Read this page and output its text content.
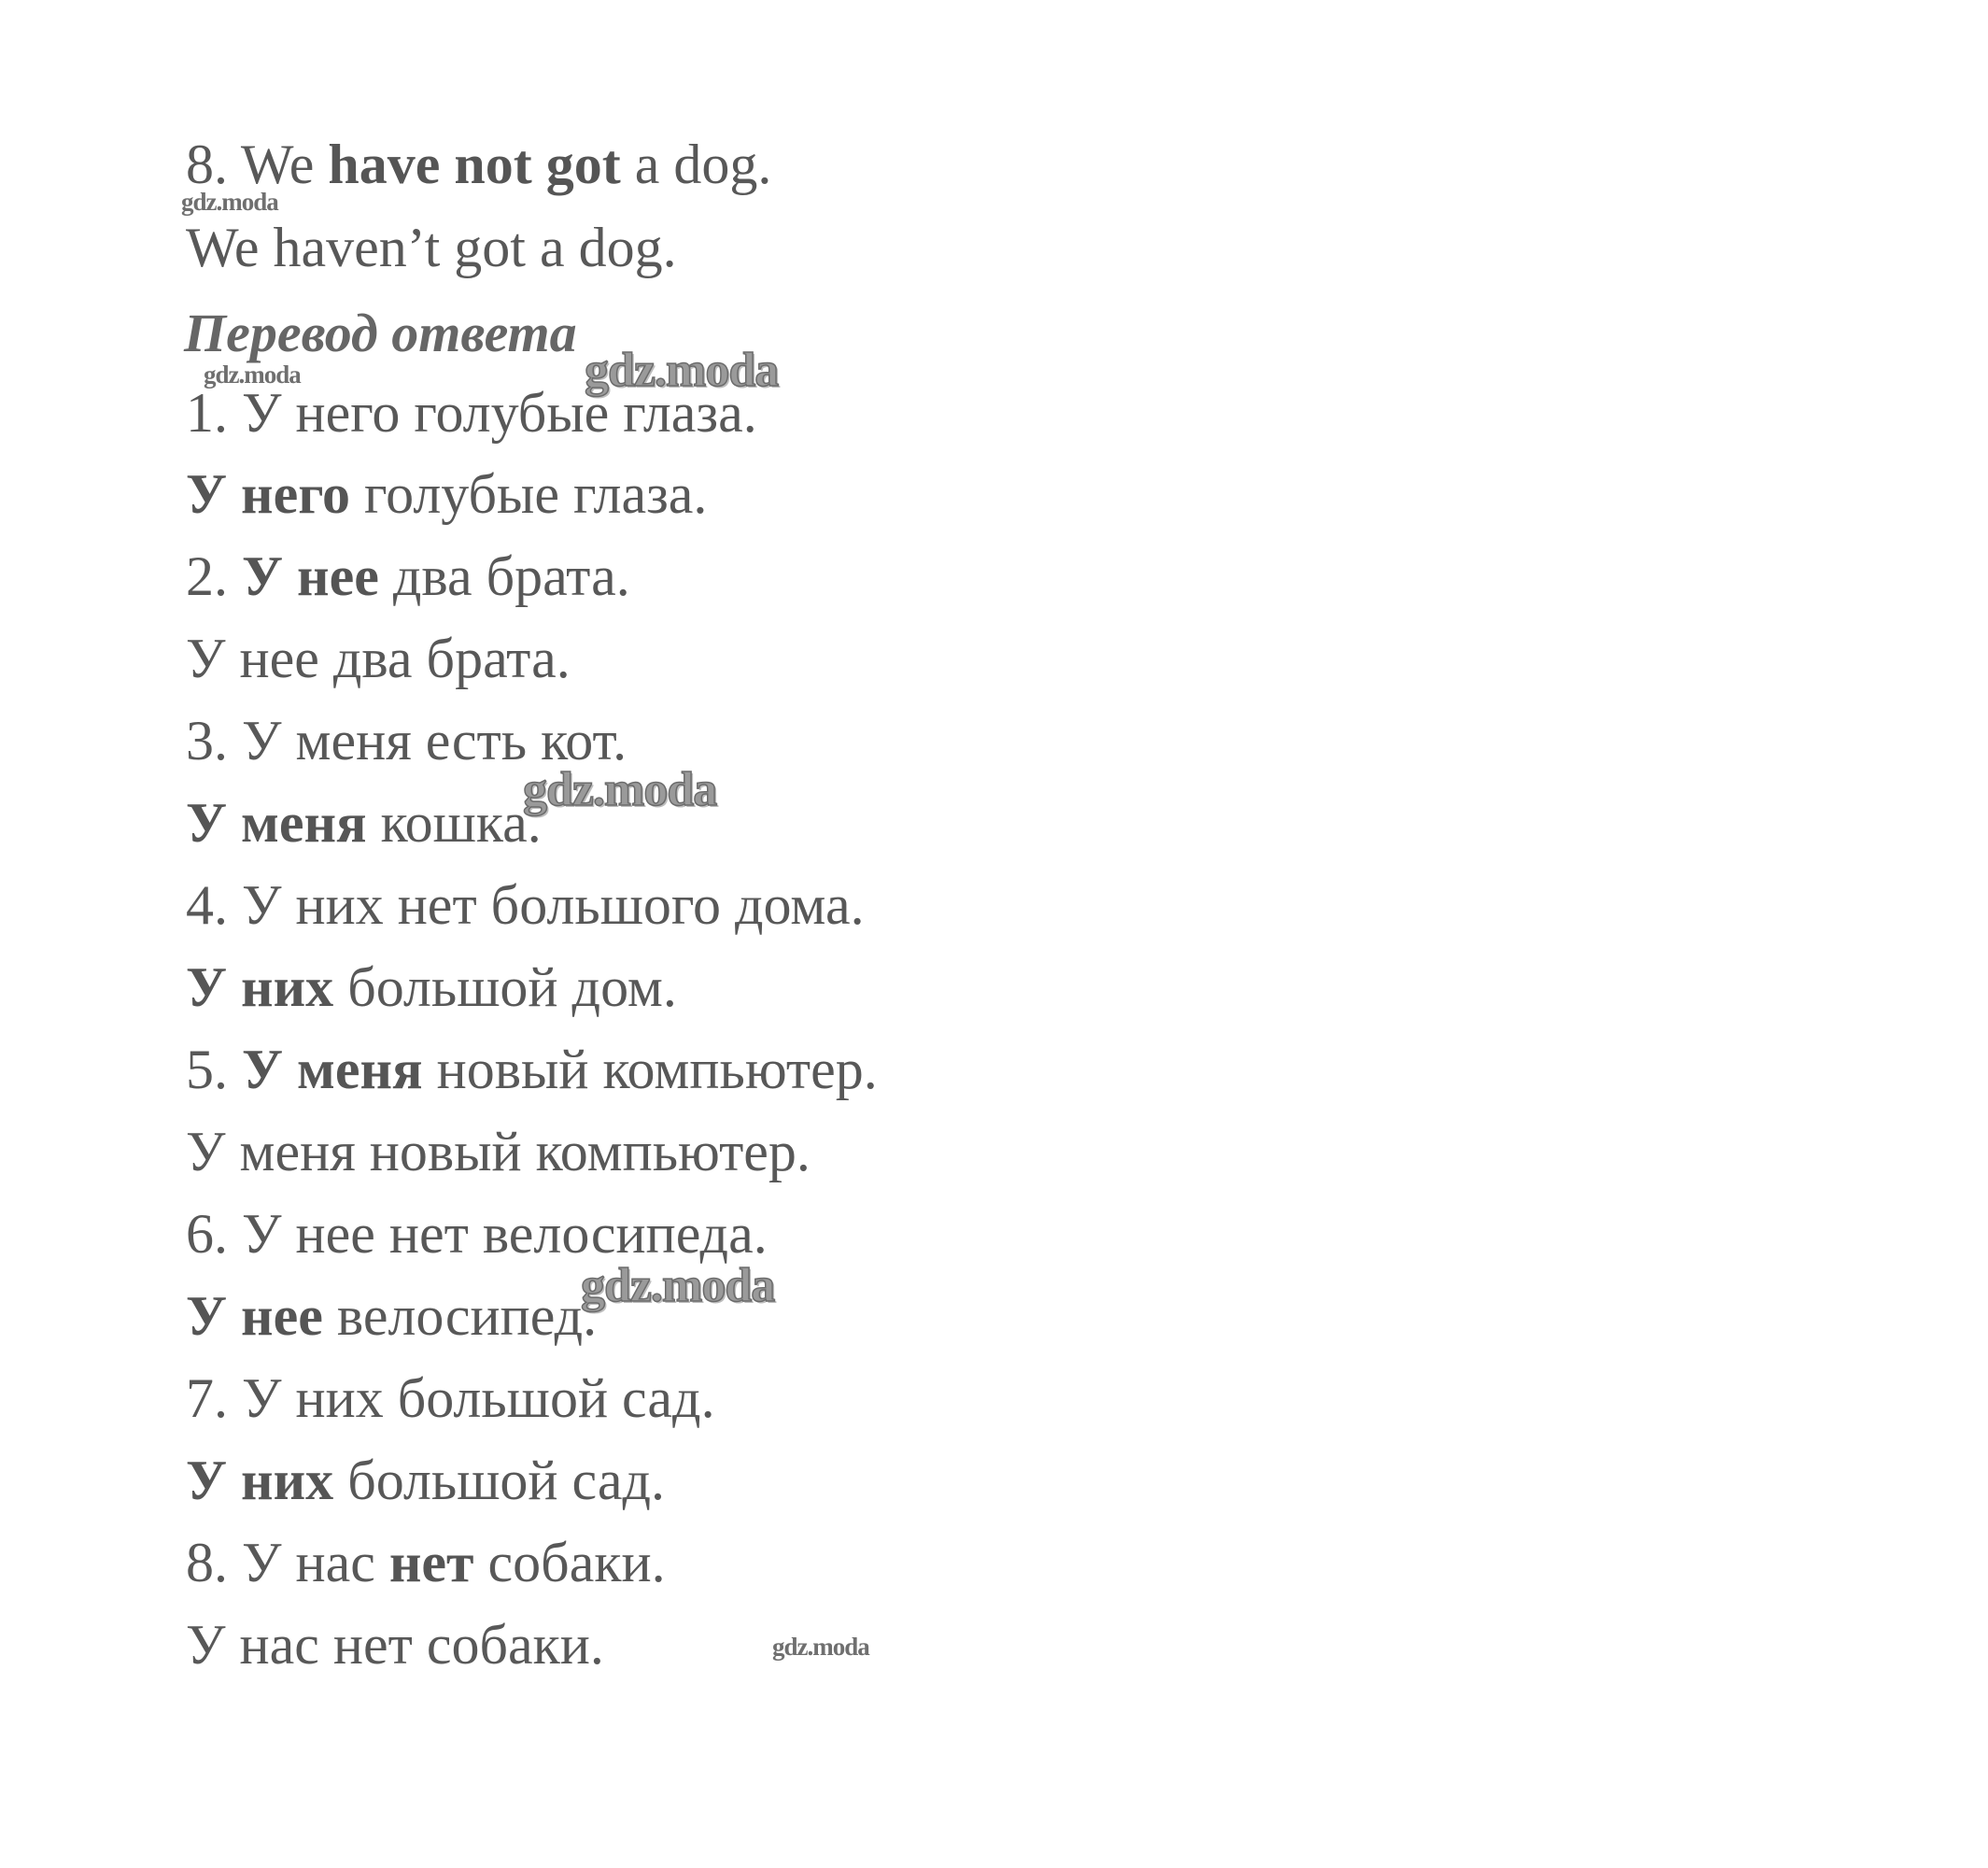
8. We have not got a dog.
We haven’t got a dog.
Перевод ответа
1. У него голубые глаза.
У него голубые глаза.
2. У нее два брата.
У нее два брата.
3. У меня есть кот.
У меня кошка.
4. У них нет большого дома.
У них большой дом.
5. У меня новый компьютер.
У меня новый компьютер.
6. У нее нет велосипеда.
У нее велосипед.
7. У них большой сад.
У них большой сад.
8. У нас нет собаки.
У нас нет собаки.
gdz.moda
gdz.moda	gdz.moda
gdz.moda
gdz.moda
gdz.moda
